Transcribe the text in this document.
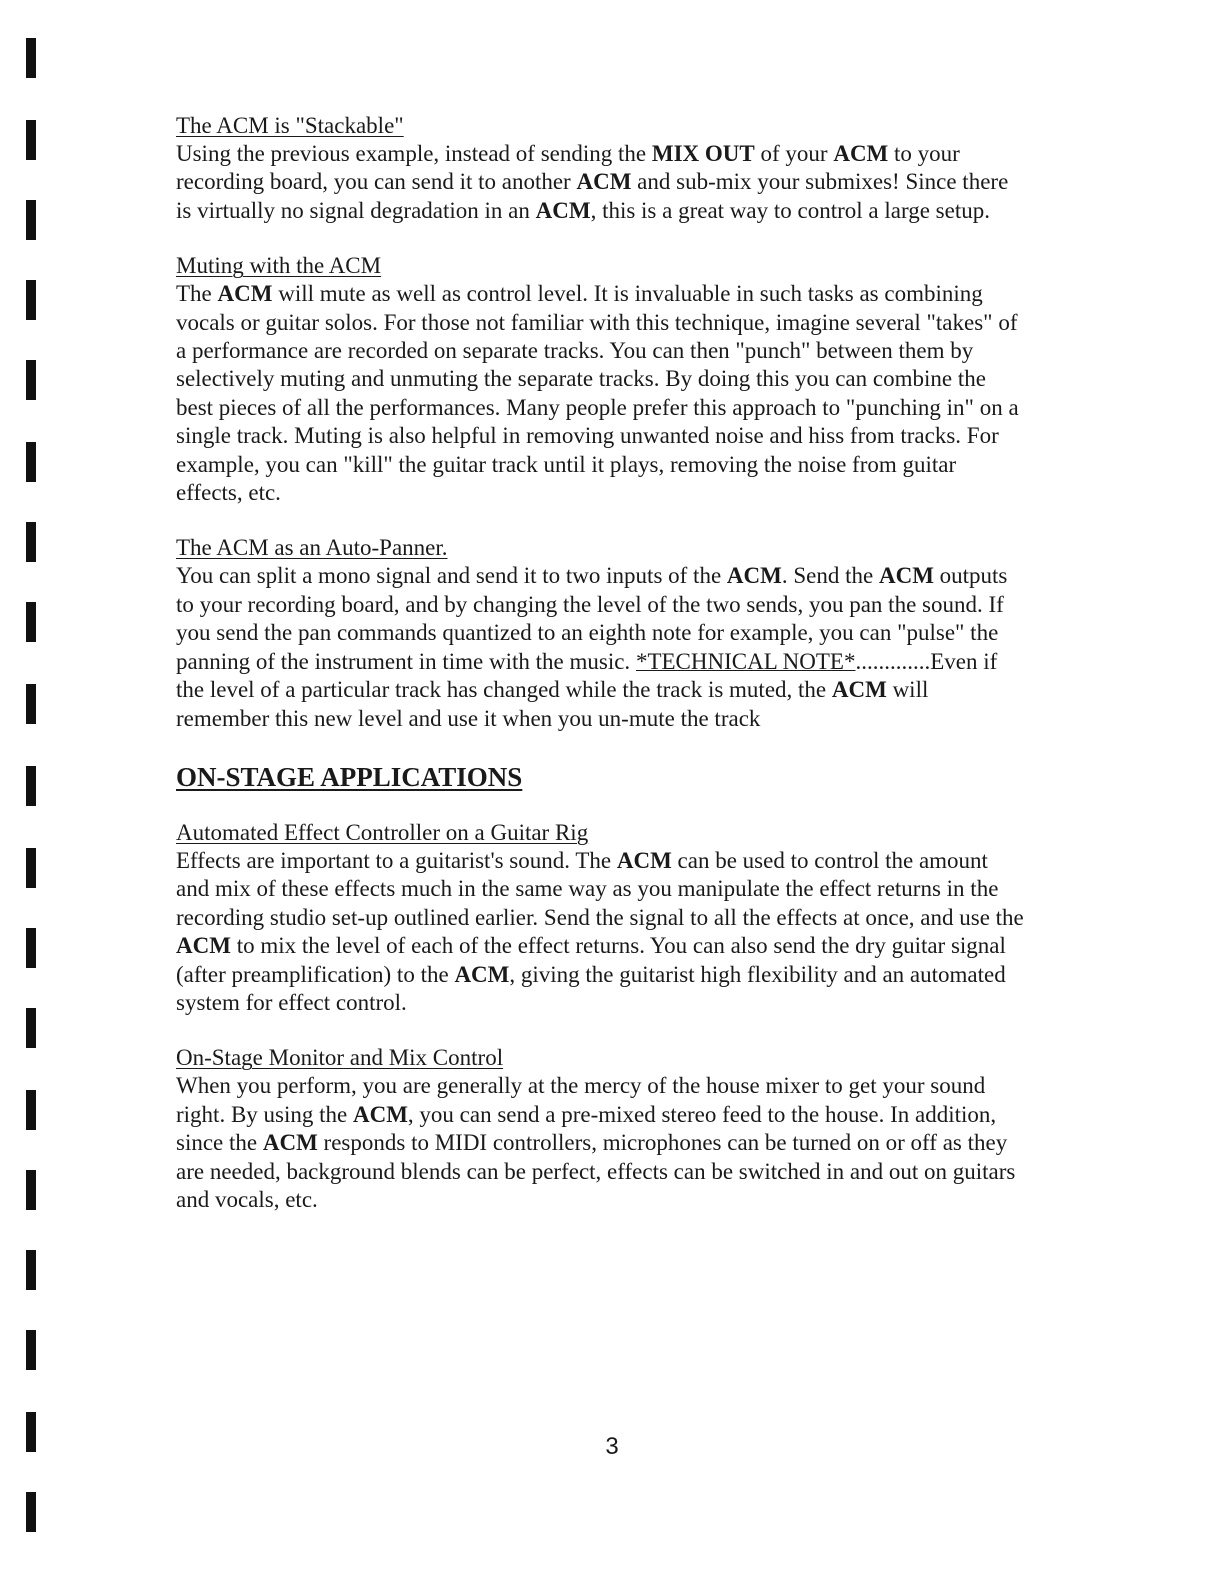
The ACM is "Stackable"

Using the previous example, instead of sending the MIX OUT of your ACM to your recording board, you can send it to another ACM and sub-mix your submixes! Since there is virtually no signal degradation in an ACM, this is a great way to control a large setup.

Muting with the ACM

The ACM will mute as well as control level. It is invaluable in such tasks as combining vocals or guitar solos. For those not familiar with this technique, imagine several "takes" of a performance are recorded on separate tracks. You can then "punch" between them by selectively muting and unmuting the separate tracks. By doing this you can combine the best pieces of all the performances. Many people prefer this approach to "punching in" on a single track. Muting is also helpful in removing unwanted noise and hiss from tracks. For example, you can "kill" the guitar track until it plays, removing the noise from guitar effects, etc.

The ACM as an Auto-Panner.

You can split a mono signal and send it to two inputs of the ACM. Send the ACM outputs to your recording board, and by changing the level of the two sends, you pan the sound. If you send the pan commands quantized to an eighth note for example, you can "pulse" the panning of the instrument in time with the music. *TECHNICAL NOTE*.............Even if the level of a particular track has changed while the track is muted, the ACM will remember this new level and use it when you un-mute the track

ON-STAGE APPLICATIONS
Automated Effect Controller on a Guitar Rig

Effects are important to a guitarist's sound. The ACM can be used to control the amount and mix of these effects much in the same way as you manipulate the effect returns in the recording studio set-up outlined earlier. Send the signal to all the effects at once, and use the ACM to mix the level of each of the effect returns. You can also send the dry guitar signal (after preamplification) to the ACM, giving the guitarist high flexibility and an automated system for effect control.

On-Stage Monitor and Mix Control

When you perform, you are generally at the mercy of the house mixer to get your sound right. By using the ACM, you can send a pre-mixed stereo feed to the house. In addition, since the ACM responds to MIDI controllers, microphones can be turned on or off as they are needed, background blends can be perfect, effects can be switched in and out on guitars and vocals, etc.

3
